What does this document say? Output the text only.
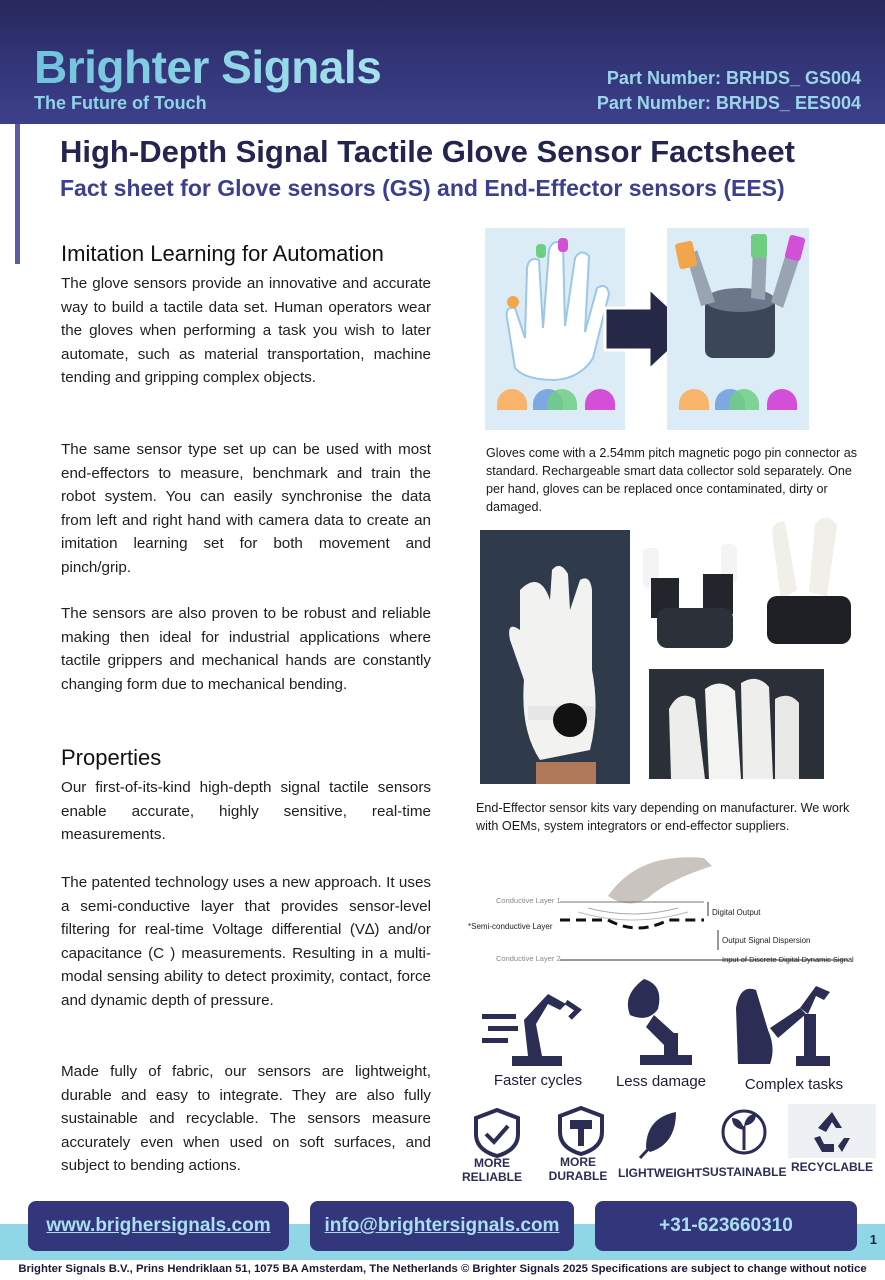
Brighter Signals
The Future of Touch
Part Number: BRHDS_ GS004
Part Number: BRHDS_ EES004
High-Depth Signal Tactile Glove Sensor Factsheet
Fact sheet for Glove sensors (GS) and End-Effector sensors (EES)
Imitation Learning for Automation

The glove sensors provide an innovative and accurate way to build a tactile data set. Human operators wear the gloves when performing a task you wish to later automate, such as material transportation, machine tending and gripping complex objects.

The same sensor type set up can be used with most end-effectors to measure, benchmark and train the robot system. You can easily synchronise the data from left and right hand with camera data to create an imitation learning set for both movement and pinch/grip.

The sensors are also proven to be robust and reliable making then ideal for industrial applications where tactile grippers and mechanical hands are constantly changing form due to mechanical bending.

Properties

Our first-of-its-kind high-depth signal tactile sensors enable accurate, highly sensitive, real-time measurements.

The patented technology uses a new approach. It uses a semi-conductive layer that provides sensor-level filtering for real-time Voltage differential (V∆) and/or capacitance (C ) measurements. Resulting in a multi-modal sensing ability to detect proximity, contact, force and dynamic depth of pressure.

Made fully of fabric, our sensors are lightweight, durable and easy to integrate. They are also fully sustainable and recyclable. The sensors measure accurately even when used on soft surfaces, and subject to bending actions.

Gloves come with a 2.54mm pitch magnetic pogo pin connector as standard. Rechargeable smart data collector sold separately. One per hand, gloves can be replaced once contaminated, dirty or damaged.

End-Effector sensor kits vary depending on manufacturer. We work with OEMs, system integrators or end-effector suppliers.

Conductive Layer 1
*Semi-conductive Layer
Conductive Layer 2
Digital Output
Output Signal Dispersion
Input of Discrete Digital Dynamic Signal
Faster cycles	Less damage	Complex tasks
MORE
RELIABLE
MORE
DURABLE LIGHTWEIGHT SUSTAINABLE RECYCLABLE
www.brighersignals.com	info@brightersignals.com	+31-623660310
1
Brighter Signals B.V., Prins Hendriklaan 51, 1075 BA Amsterdam, The Netherlands © Brighter Signals 2025 Specifications are subject to change without notice
